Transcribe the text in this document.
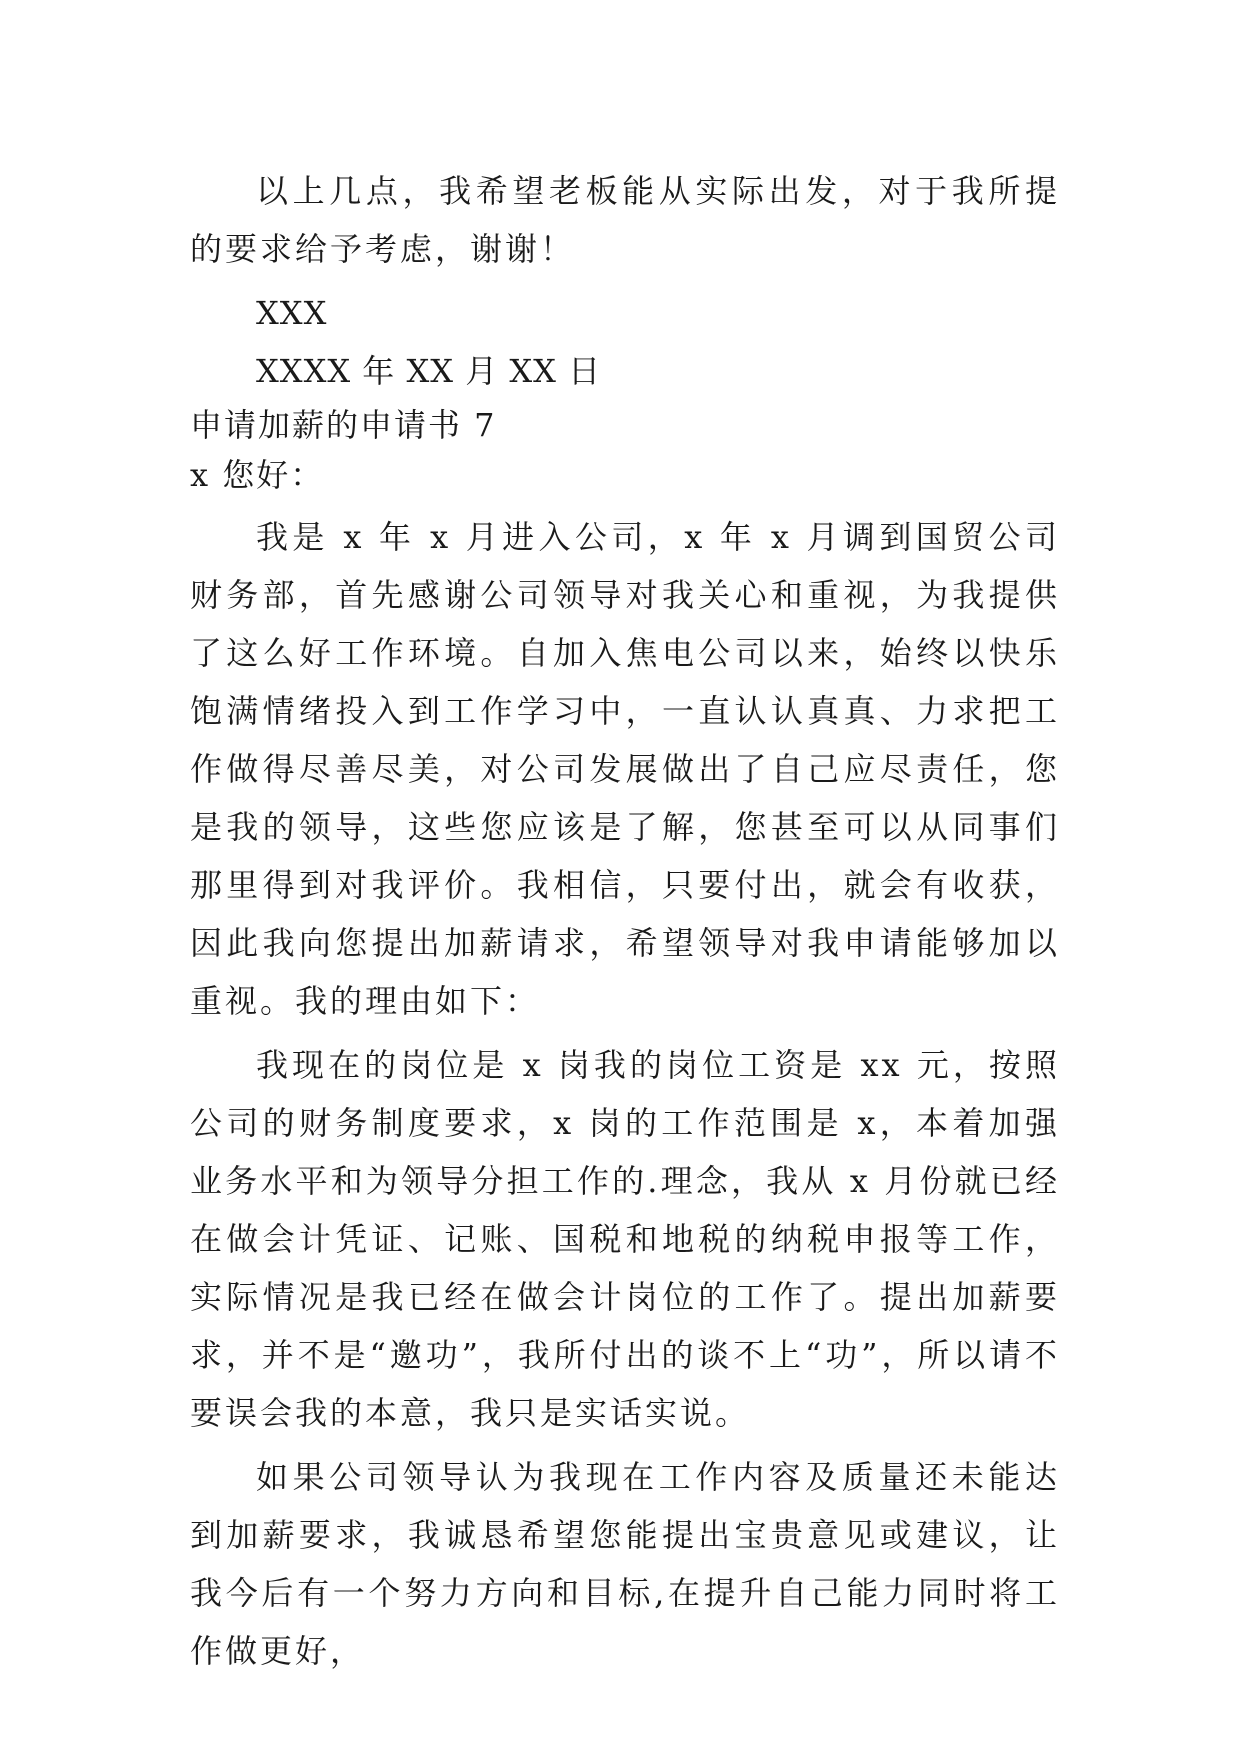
以上几点，我希望老板能从实际出发，对于我所提的要求给予考虑，谢谢！

XXX

XXXX 年 XX 月 XX 日

申请加薪的申请书 7

x 您好：

我是 x 年 x 月进入公司，x 年 x 月调到国贸公司财务部，首先感谢公司领导对我关心和重视，为我提供了这么好工作环境。自加入焦电公司以来，始终以快乐饱满情绪投入到工作学习中，一直认认真真、力求把工作做得尽善尽美，对公司发展做出了自己应尽责任，您是我的领导，这些您应该是了解，您甚至可以从同事们那里得到对我评价。我相信，只要付出，就会有收获，因此我向您提出加薪请求，希望领导对我申请能够加以重视。我的理由如下：

我现在的岗位是 x 岗我的岗位工资是 xx 元，按照公司的财务制度要求，x 岗的工作范围是 x，本着加强业务水平和为领导分担工作的.理念，我从 x 月份就已经在做会计凭证、记账、国税和地税的纳税申报等工作，实际情况是我已经在做会计岗位的工作了。提出加薪要求，并不是“邀功”，我所付出的谈不上“功”，所以请不要误会我的本意，我只是实话实说。

如果公司领导认为我现在工作内容及质量还未能达到加薪要求，我诚恳希望您能提出宝贵意见或建议，让我今后有一个努力方向和目标,在提升自己能力同时将工作做更好，
